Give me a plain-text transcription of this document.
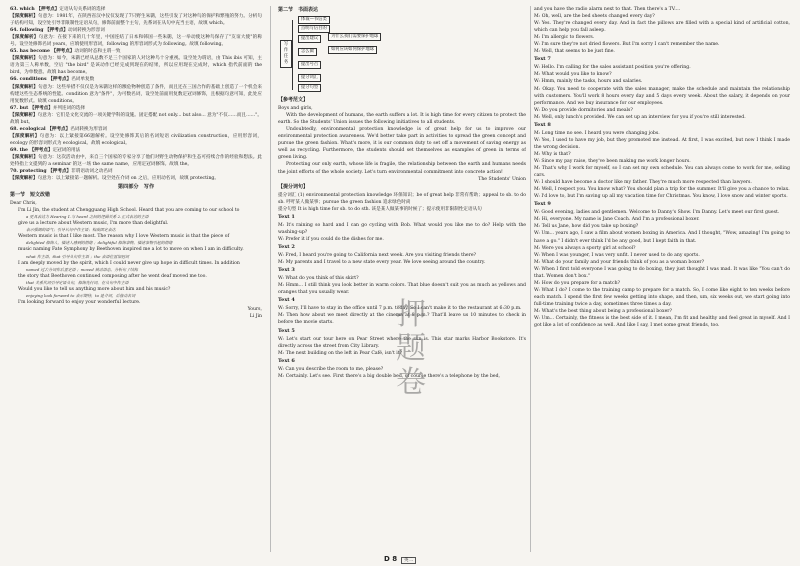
63. which 【押考点】定语从句关系词的选择

【深度解析】句意为：1981年，在陕西省汉中仪仅发现了7只野生朱鹮，这些引发了对这种鸟的保护和繁殖的努力。分析句子结构可知，设空处引导非限制性定语从句，修饰前面整个主句，先系词在从句中充当主语，故填 which。

64. following 【押考点】动词转换为形容词

【深度解析】句意为：在接下来的几十年里，中国连结了日本和韩国一些朱鹮，这一举动使这种鸟保存了"友谊大使"的称号。设空处修饰名词 years，应填使用形容词，following 的形容词形式为 following。故填 following。

65. has become 【押考点】动词的时态和主谓一致

【深度解析】句意为：如今，朱鹮已经从总数不足三个国家的人对这种鸟十分重视。设空处为谓语，由 This ibis 可知，主语为第三人称单数，空后 "the bird" 是该动作已经完成到现在的结果，所以应用现在完成时，which 指代前面的 the bird，为单数意。故填 has become。

66. conditions 【押考点】名词单复数

【深度解析】句意为：这些举措不仅仅是为朱鹮这样的濒危物种创造了条件，而且还在三国合作的基础上创造了一个机会来构建这些生态系统的性能。condition 意为"条件"，为可数名词，设空处前面用复数定冠词修饰，且根据句意可知，此处应用复数形式。故填 conditions。

67. but 【押考点】并列连词的选择

【深度解析】句意为：它们是文化交流的一项关键学科的设施。固定搭配 not only... but also... 意为"不仅……而且……"。故填 but。

68. ecological 【押考点】名词转换为形容词

【深度解析】句意为：以上紧接第66题解析。设空处修饰其后的名词短语 civilization construction，应用形容词，ecology 的形容词形式为 ecological。故填 ecological。

69. the 【押考点】定冠词的用法

【深度解析】句意为：这次活动由中，来自三个国家的专家分享了他们对野生动物保护和生态可持续合作的经验和想法。此处特指上文提到的 a seminar 的这一场 the same name，应用定冠词修饰。故填 the。

70. protecting 【押考点】非谓语动词之动名词

【深度解析】句意为：以上紧接第一题解析。设空处在介词 on 之后，应用动名词，故填 protecting。

第四部分　写作
第一节　短文改错

Dear Chris,

I'm Li Jin, the student at Chengguang High School. Heard that you are coming to our school to

a 更具表达力 Hearing 1.与 heard 之间的逻辑关系 2.正式表达的主语

give us a lecture about Western music, I'm more than delightful.

表示强调的语气；引导从句中作主语；构成固定表达

Western music is that I like most. The reason why I love Western music is that the piece of

delighted 修饰人，描述人感到的情绪 ；delightful 修饰事物，描述事物引起的情绪

music naming Fate Symphony by Beethoven inspired me a lot to move on when I am in difficulty.

what 作主语，that 引导从句作主语 ；the 表语位置加冠词

I am deeply moved by the spirit, which I could never give up hope in difficult times. In addition

named 过去分词作后置定语 ；moved 被动语态，分析句子结构

the story that Beethoven continued composing after he went deaf moved me too.

that 关系代词引导定语从句，修饰先行词，在从句中作主语

Would you like to tell us anything more about him and his music?

enjoying look forward to 表示期待，to 是介词，后接动名词

I'm looking forward to enjoy your wonderful lecture.

Yours,

Li Jin

第二节　书面表达
写作任务
体裁—书信类
点明写信目的
提出建议
怎么做
为什么我们需要保护地球
如何应该如何保护地球
提出号召
提分词汇
提分句型
【参考范文】

Boys and girls,

With the development of humans, the earth suffers a lot. It is high time for every citizen to protect the earth. So the Students' Union issues the following initiatives to all students.

Undoubtedly, environmental protection knowledge is of great help for us to improve our environmental protection awareness. We'd better take part in activities to spread the green concept and pursue the green fashion. What's more, it is our common duty to set off a movement of saving energy as well as recycling. Furthermore, the students should set themselves as examples of green in terms of green living.

Protecting our only earth, whose life is fragile, the relationship between the earth and humans needs the joint efforts of the whole society. Let's turn environmental commitment into concrete action!

The Students' Union

【提分词句】

提分词汇 (1) environmental protection knowledge 环保知识；be of great help 非常有帮助；appeal to sb. to do sb. 呼吁某人做某事；pursue the green fashion 追求绿色时尚

提分句型 It is high time for sb. to do sth. 该是某人做某事的时候了；提示使用非限制性定语从句

Text 1

M: It's raining so hard and I can go cycling with Bob. What would you like me to do? Help with the washing-up?

W: Prefer it if you could do the dishes for me.

Text 2

W: Fred, I heard you're going to California next week. Are you visiting friends there?

M: My parents and I travel to a new state every year. We love seeing around the country.

Text 3

W: What do you think of this skirt?

M: Hmm... I still think you look better in warm colors. That blue doesn't suit you as much as yellows and oranges that you usually wear.

Text 4

W: Sorry, I'll have to stay in the office until 7 p.m. today. So I can't make it to the restaurant at 6:30 p.m.

M: Then how about we meet directly at the cinema at 8 p.m.? That'll leave us 10 minutes to check in before the movie starts.

Text 5

W: Let's start our tour here on Pear Street where the sun is. This star marks Harbor Bookstore. It's directly across the street from City Library.

M: The next building on the left in Pear Café, isn't it?

Text 6

W: Can you describe the room to me, please?

M: Certainly. Let's see. First there's a big double bed, of course there's a telephone by the bed,

and you have the radio alarm next to that. Then there's a TV....

M: Oh, well, are the bed sheets changed every day?

W: Yes. They're changed every day. And in fact the pillows are filled with a special kind of artificial cotton, which can help you fall asleep.

M: I'm allergic to flowers.

W: I'm sure they're not dried flowers. But I'm sorry I can't remember the name.

M: Well, that seems to be just fine.

Text 7

W: Hello. I'm calling for the sales assistant position you're offering.

M: What would you like to know?

W: Hmm, mainly the tasks, hours and salaries.

M: Okay. You need to cooperate with the sales manager, make the schedule and maintain the relationship with customers. You'll work 8 hours every day and 5 days every week. About the salary, it depends on your performance. And we buy insurance for our employees.

W: Do you provide dormitories and meals?

M: Well, only lunch's provided. We can set up an interview for you if you're still interested.

Text 8

M: Long time no see. I heard you were changing jobs.

W: Yes, I used to have my job, but they promoted me instead. At first, I was excited, but now I think I made the wrong decision.

M: Why is that?

W: Since my pay raise, they've been making me work longer hours.

M: That's why I work for myself, so I can set my own schedule. You can always come to work for me, selling cars.

W: I should have become a doctor like my father. They're much more respected than lawyers.

M: Well, I respect you. You know what? You should plan a trip for the summer. It'll give you a chance to relax.

W: I'd love to, but I'm saving up all my vacation time for Christmas. You know, I love snow and winter sports.

Text 9

W: Good evening, ladies and gentlemen. Welcome to Danny's Show. I'm Danny. Let's meet our first guest.

M: Hi, everyone. My name is Jane Coach. And I'm a professional boxer.

M: Tell us Jane, how did you take up boxing?

W: Um... years ago, I saw a film about women boxing in America. And I thought, "Wow, amazing! I'm going to have a go." I didn't ever think I'd be any good, but I kept faith in that.

M: Were you always a sporty girl at school?

W: When I was younger, I was very unfit. I never used to do any sports.

M: What do your family and your friends think of you as a woman boxer?

W: When I first told everyone I was going to do boxing, they just thought I was mad. It was like "You can't do that. Women don't box."

M: How do you prepare for a match?

W: What I do? I come to the training camp to prepare for a match. So, I come like eight to ten weeks before each match. I spend the first few weeks getting into shape, and then, um, six weeks out, we start going into full-time training twice a day, sometimes three times a day.

M: What's the best thing about being a professional boxer?

W: Um... Certainly, the fitness is the best side of it. I mean, I'm fit and healthy and feel great in myself. And I got like a lot of confidence as well. And like I say, I met some great friends, too.

押题卷
D 8 英二
